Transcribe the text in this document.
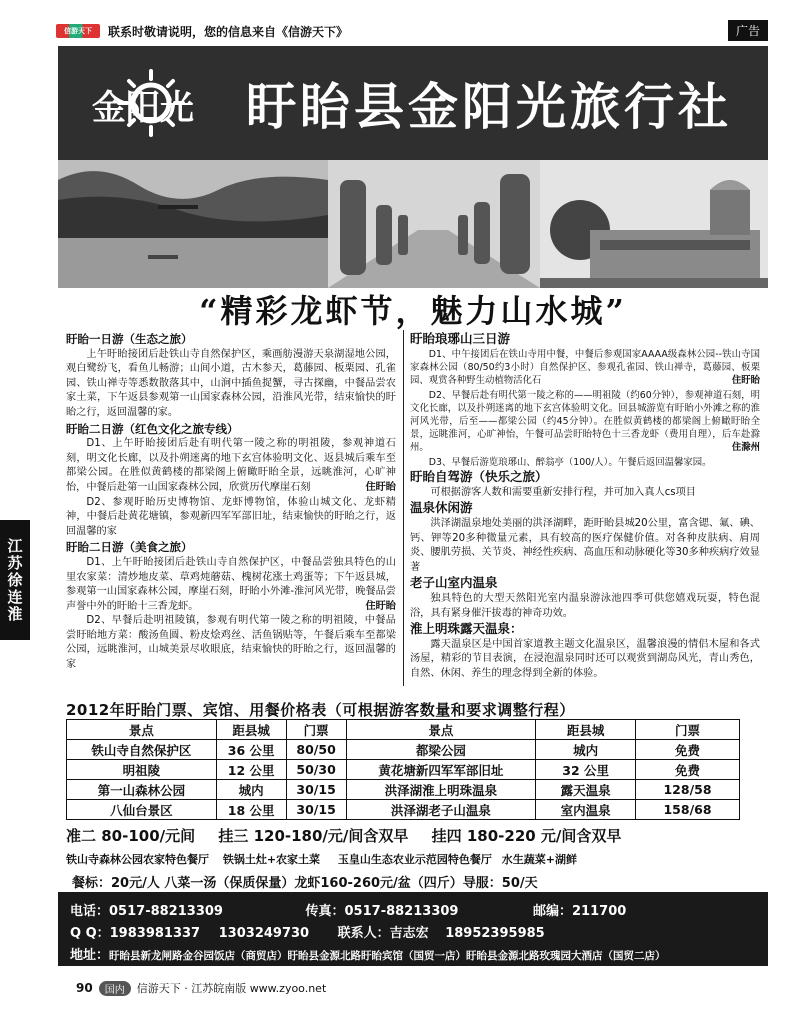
信游天下	联系时敬请说明，您的信息来自《信游天下》	广告
江苏徐连淮
金阳光 盱眙县金阳光旅行社
“精彩龙虾节，魅力山水城”
盱眙一日游（生态之旅）

上午盱眙接团后赴铁山寺自然保护区，乘画舫漫游天泉湖湿地公园，观白鹭纷飞，看鱼儿畅游；山间小道，古木参天，葛藤园、板栗园、孔雀园、铁山禅寺等悉数散落其中，山涧中插鱼捉蟹，寻古探幽，中餐品尝农家土菜，下午返县参观第一山国家森林公园，沿淮风光带，结束愉快的盱眙之行，返回温馨的家。

盱眙二日游（红色文化之旅专线）

D1、上午盱眙接团后赴有明代第一陵之称的明祖陵，参观神道石刻，明文化长廊，以及扑朔迷离的地下玄宫体验明文化、返县城后乘车至都梁公园。在胜似黄鹤楼的都梁阁上俯瞰盱眙全景，远眺淮河，心旷神怡，中餐后赴第一山国家森林公园，欣赏历代摩崖石刻	住盱眙

D2、参观盱眙历史博物馆、龙虾博物馆，体验山城文化、龙虾精神，中餐后赴黄花塘镇，参观新四军军部旧址，结束愉快的盱眙之行，返回温馨的家

盱眙二日游（美食之旅）

D1、上午盱眙接团后赴铁山寺自然保护区，中餐品尝独具特色的山里农家菜：清炒地皮菜、草鸡炖蘑菇、槐树花涨土鸡蛋等；下午返县城，参观第一山国家森林公园，摩崖石刻，盱眙小外滩-淮河风光带，晚餐品尝声誉中外的盱眙十三香龙虾。	住盱眙

D2、早餐后赴明祖陵镇，参观有明代第一陵之称的明祖陵，中餐品尝盱眙地方菜：酸汤鱼圆、粉皮烩鸡丝、活鱼锅贴等，午餐后乘车至都梁公园，远眺淮河，山城美景尽收眼底，结束愉快的盱眙之行，返回温馨的家

盱眙琅琊山三日游

D1、中午接团后在铁山寺用中餐，中餐后参观国家AAAA级森林公园--铁山寺国家森林公园（80/50约3小时）自然保护区、参观孔雀园、铁山禅寺，葛藤园、板栗园、观赏各种野生动植物活化石	住盱眙

D2、早餐后赴有明代第一陵之称的——明祖陵（约60分钟），参观神道石刻，明文化长廊，以及扑朔迷离的地下玄宫体验明文化。回县城游览有盱眙小外滩之称的淮河风光带，后至——都梁公园（约45分钟）。在胜似黄鹤楼的都梁阁上俯瞰盱眙全景，远眺淮河，心旷神怡，午餐可品尝盱眙特色十三香龙虾（费用自理），后车赴滁州。	住滁州

D3、早餐后游览琅琊山、醉翁亭（100/人）。午餐后返回温馨家园。

盱眙自驾游（快乐之旅）

可根据游客人数和需要重新安排行程，并可加入真人cs项目

温泉休闲游

洪泽湖温泉地处美丽的洪泽湖畔，距盱眙县城20公里，富含锶、氟、碘、钙、钾等20多种微量元素，具有较高的医疗保健价值。对各种皮肤病、肩周炎、腰肌劳损、关节炎、神经性疾病、高血压和动脉硬化等30多种疾病疗效显著

老子山室内温泉

独具特色的大型天然阳光室内温泉游泳池四季可供您嬉戏玩耍，特色混浴，具有紧身催汗拔毒的神奇功效。

淮上明珠露天温泉：

露天温泉区是中国首家道教主题文化温泉区，温馨浪漫的情侣木屋和各式汤屋，精彩的节目表演，在浸泡温泉同时还可以观赏到湖岛风光，青山秀色，自然、休闲、养生的理念得到全新的体验。

2012年盱眙门票、宾馆、用餐价格表（可根据游客数量和要求调整行程）
景点	距县城	门票	景点	距县城	门票
铁山寺自然保护区	36 公里	80/50	都梁公园	城内	免费
明祖陵	12 公里	50/30	黄花塘新四军军部旧址	32 公里	免费
第一山森林公园	城内	30/15	洪泽湖淮上明珠温泉	露天温泉	128/58
八仙台景区	18 公里	30/15	洪泽湖老子山温泉	室内温泉	158/68
准二 80-100/元间 挂三 120-180/元/间含双早 挂四 180-220 元/间含双早
铁山寺森林公园农家特色餐厅 铁锅土灶+农家土菜 玉皇山生态农业示范园特色餐厅 水生蔬菜+湖鲜
餐标：20元/人 八菜一汤（保质保量）龙虾160-260元/盆（四斤）导服：50/天
电话：0517-88213309	传真：0517-88213309	邮编：211700
Q Q：1983981337 1303249730 联系人：吉志宏 18952395985
地址：盱眙县新龙闸路金谷园饭店（商贸店）盱眙县金源北路盱眙宾馆（国贸一店）盱眙县金源北路玫瑰园大酒店（国贸二店）
90	国内	信游天下 · 江苏皖南版 www.zyoo.net
